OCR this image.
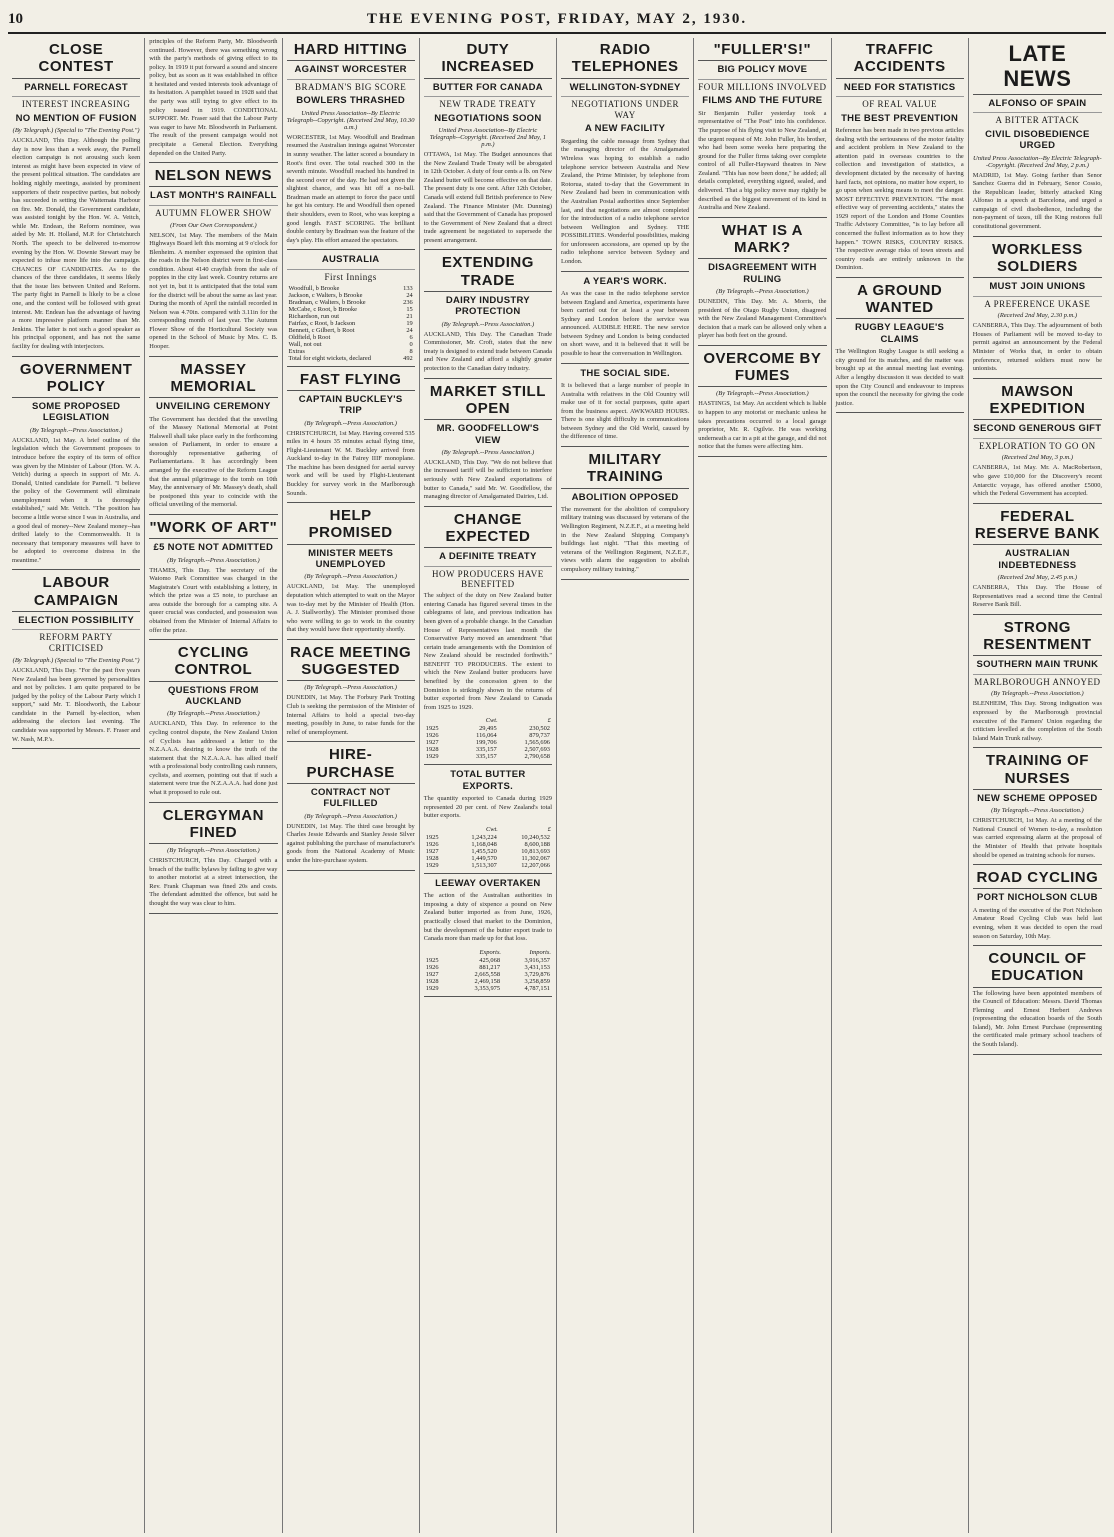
10	THE EVENING POST, FRIDAY, MAY 2, 1930.
CLOSE CONTEST
PARNELL FORECAST
INTEREST INCREASING
NO MENTION OF FUSION
(By Telegraph.) (Special to "The Evening Post.")
AUCKLAND, This Day. Although the polling day is now less than a week away, the Parnell election campaign is not arousing such keen interest as might have been expected in view of the present political situation. The candidates are holding nightly meetings, assisted by prominent supporters of their respective parties, but nobody has succeeded in setting the Waitemata Harbour on fire. Mr. Donald, the Government candidate, was assisted tonight by the Hon. W. A. Veitch, while Mr. Endean, the Reform nominee, was aided by Mr. H. Holland, M.P. for Christchurch North. The speech to be delivered to-morrow evening by the Hon. W. Downie Stewart may be expected to infuse more life into the campaign. CHANCES OF CANDIDATES. As to the chances of the three candidates, it seems likely that the issue lies between United and Reform. The party fight in Parnell is likely to be a close one, and the contest will be followed with great interest. Mr. Endean has the advantage of having a more impressive platform manner than Mr. Jenkins. The latter is not such a good speaker as his principal opponent, and has not the same facility for dealing with interjectors.
GOVERNMENT POLICY
SOME PROPOSED LEGISLATION
(By Telegraph.--Press Association.)
AUCKLAND, 1st May. A brief outline of the legislation which the Government proposes to introduce before the expiry of its term of office was given by the Minister of Labour (Hon. W. A. Veitch) during a speech in support of Mr. A. Donald, United candidate for Parnell. "I believe the policy of the Government will eliminate unemployment when it is thoroughly established," said Mr. Veitch. "The position has become a little worse since I was in Australia, and a good deal of money--New Zealand money--has drifted lately to the Commonwealth. It is necessary that temporary measures will have to be adopted to overcome distress in the meantime."
LABOUR CAMPAIGN
ELECTION POSSIBILITY
REFORM PARTY CRITICISED
(By Telegraph.) (Special to "The Evening Post.")
AUCKLAND, This Day. "For the past five years New Zealand has been governed by personalities and not by policies. I am quite prepared to be judged by the policy of the Labour Party which I support," said Mr. T. Bloodworth, the Labour candidate in the Parnell by-election, when addressing the electors last evening. The candidate was supported by Messrs. F. Fraser and W. Nash, M.P.'s.
principles of the Reform Party, Mr. Bloodworth continued. However, there was something wrong with the party's methods of giving effect to its policy. In 1919 it put forward a sound and sincere policy, but as soon as it was established in office it hesitated and vested interests took advantage of its hesitation. A pamphlet issued in 1928 said that the party was still trying to give effect to its policy issued in 1919. CONDITIONAL SUPPORT. Mr. Fraser said that the Labour Party was eager to have Mr. Bloodworth in Parliament. The result of the present campaign would not precipitate a General Election. Everything depended on the United Party.
NELSON NEWS
LAST MONTH'S RAINFALL
AUTUMN FLOWER SHOW
(From Our Own Correspondent.)
NELSON, 1st May. The members of the Main Highways Board left this morning at 9 o'clock for Blenheim. A member expressed the opinion that the roads in the Nelson district were in first-class condition. About 4140 crayfish from the sale of poppies in the city last week. Country returns are not yet in, but it is anticipated that the total sum for the district will be about the same as last year. During the month of April the rainfall recorded in Nelson was 4.70in. compared with 3.11in for the corresponding month of last year. The Autumn Flower Show of the Horticultural Society was opened in the School of Music by Mrs. C. B. Hooper.
MASSEY MEMORIAL
UNVEILING CEREMONY
The Government has decided that the unveiling of the Massey National Memorial at Point Halswell shall take place early in the forthcoming session of Parliament, in order to ensure a thoroughly representative gathering of Parliamentarians. It has accordingly been arranged by the executive of the Reform League that the annual pilgrimage to the tomb on 10th May, the anniversary of Mr. Massey's death, shall be postponed this year to coincide with the official unveiling of the memorial.
"WORK OF ART"
£5 NOTE NOT ADMITTED
(By Telegraph.--Press Association.)
THAMES, This Day. The secretary of the Waiomo Park Committee was charged in the Magistrate's Court with establishing a lottery, in which the prize was a £5 note, to purchase an area outside the borough for a camping site. A queer crucial was conducted, and possession was obtained from the Minister of Internal Affairs to offer the prize.
CYCLING CONTROL
QUESTIONS FROM AUCKLAND
(By Telegraph.--Press Association.)
AUCKLAND, This Day. In reference to the cycling control dispute, the New Zealand Union of Cyclists has addressed a letter to the N.Z.A.A.A. desiring to know the truth of the statement that the N.Z.A.A.A. has allied itself with a professional body controlling cash runners, cyclists, and axemen, pointing out that if such a statement were true the N.Z.A.A.A. had done just what it proposed to rule out.
CLERGYMAN FINED
(By Telegraph.--Press Association.)
CHRISTCHURCH, This Day. Charged with a breach of the traffic bylaws by failing to give way to another motorist at a street intersection, the Rev. Frank Chapman was fined 20s and costs. The defendant admitted the offence, but said he thought the way was clear to him.
HARD HITTING
AGAINST WORCESTER
BRADMAN'S BIG SCORE
BOWLERS THRASHED
United Press Association--By Electric Telegraph--Copyright. (Received 2nd May, 10.30 a.m.)
WORCESTER, 1st May. Woodfull and Bradman resumed the Australian innings against Worcester in sunny weather. The latter scored a boundary in Root's first over. The total reached 300 in the seventh minute. Woodfull reached his hundred in the second over of the day. He had not given the slightest chance, and was hit off a no-ball. Bradman made an attempt to force the pace until he got his century. He and Woodfull then opened their shoulders, even to Root, who was keeping a good length. FAST SCORING. The brilliant double century by Bradman was the feature of the day's play. His effort amazed the spectators.
AUSTRALIA
First Innings
Woodfull, b Brooke	133
Jackson, c Walters, b Brooke	24
Bradman, c Walters, b Brooke	236
McCabe, c Root, b Brooke	15
Richardson, run out	21
Fairfax, c Root, b Jackson	19
Bennett, c Gilbert, b Root	24
Oldfield, b Root	6
Wall, not out	0
Extras	8
Total for eight wickets, declared	492
FAST FLYING
CAPTAIN BUCKLEY'S TRIP
(By Telegraph.--Press Association.)
CHRISTCHURCH, 1st May. Having covered 535 miles in 4 hours 35 minutes actual flying time, Flight-Lieutenant W. M. Buckley arrived from Auckland to-day in the Fairey IIIF monoplane. The machine has been designed for aerial survey work and will be used by Flight-Lieutenant Buckley for survey work in the Marlborough Sounds.
HELP PROMISED
MINISTER MEETS UNEMPLOYED
(By Telegraph.--Press Association.)
AUCKLAND, 1st May. The unemployed deputation which attempted to wait on the Mayor was to-day met by the Minister of Health (Hon. A. J. Stallworthy). The Minister promised those who were willing to go to work in the country that they would have their opportunity shortly.
RACE MEETING SUGGESTED
(By Telegraph.--Press Association.)
DUNEDIN, 1st May. The Forbury Park Trotting Club is seeking the permission of the Minister of Internal Affairs to hold a special two-day meeting, possibly in June, to raise funds for the relief of unemployment.
HIRE-PURCHASE
CONTRACT NOT FULFILLED
(By Telegraph.--Press Association.)
DUNEDIN, 1st May. The third case brought by Charles Jessie Edwards and Stanley Jessie Silver against publishing the purchase of manufacturer's goods from the National Academy of Music under the hire-purchase system.
DUTY INCREASED
BUTTER FOR CANADA
NEW TRADE TREATY
NEGOTIATIONS SOON
United Press Association--By Electric Telegraph--Copyright. (Received 2nd May, 1 p.m.)
OTTAWA, 1st May. The Budget announces that the New Zealand Trade Treaty will be abrogated in 12th October. A duty of four cents a lb. on New Zealand butter will become effective on that date. The present duty is one cent. After 12th October, Canada will extend full British preference to New Zealand. The Finance Minister (Mr. Dunning) said that the Government of Canada has proposed to the Government of New Zealand that a direct trade agreement be negotiated to supersede the present arrangement.
EXTENDING TRADE
DAIRY INDUSTRY PROTECTION
(By Telegraph.--Press Association.)
AUCKLAND, This Day. The Canadian Trade Commissioner, Mr. Croft, states that the new treaty is designed to extend trade between Canada and New Zealand and afford a slightly greater protection to the Canadian dairy industry.
MARKET STILL OPEN
MR. GOODFELLOW'S VIEW
(By Telegraph.--Press Association.)
AUCKLAND, This Day. "We do not believe that the increased tariff will be sufficient to interfere seriously with New Zealand exportations of butter to Canada," said Mr. W. Goodfellow, the managing director of Amalgamated Dairies, Ltd.
CHANGE EXPECTED
A DEFINITE TREATY
HOW PRODUCERS HAVE BENEFITED
The subject of the duty on New Zealand butter entering Canada has figured several times in the cablegrams of late, and previous indication has been given of a probable change. In the Canadian House of Representatives last month the Conservative Party moved an amendment "that certain trade arrangements with the Dominion of New Zealand should be rescinded forthwith." BENEFIT TO PRODUCERS. The extent to which the New Zealand butter producers have benefited by the concession given to the Dominion is strikingly shown in the returns of butter exported from New Zealand to Canada from 1925 to 1929.
	Cwt.	£
1925	29,495	230,502
1926	116,064	879,737
1927	199,706	1,565,696
1928	335,157	2,507,693
1929	335,157	2,790,658
TOTAL BUTTER EXPORTS.
The quantity exported to Canada during 1929 represented 20 per cent. of New Zealand's total butter exports.
	Cwt.	£
1925	1,243,224	10,240,532
1926	1,168,048	8,600,188
1927	1,455,520	10,813,693
1928	1,449,570	11,302,067
1929	1,513,307	12,207,066
LEEWAY OVERTAKEN
The action of the Australian authorities in imposing a duty of sixpence a pound on New Zealand butter imported as from June, 1926, practically closed that market to the Dominion, but the development of the butter export trade to Canada more than made up for that loss.
	Exports.	Imports.
1925	425,068	3,916,357
1926	881,217	3,431,153
1927	2,665,558	3,729,876
1928	2,469,158	3,258,859
1929	3,353,975	4,787,151
RADIO TELEPHONES
WELLINGTON-SYDNEY
NEGOTIATIONS UNDER WAY
A NEW FACILITY
Regarding the cable message from Sydney that the managing director of the Amalgamated Wireless was hoping to establish a radio telephone service between Australia and New Zealand, the Prime Minister, by telephone from Rotorua, stated to-day that the Government in New Zealand had been in communication with the Australian Postal authorities since September last, and that negotiations are almost completed for the introduction of a radio telephone service between Wellington and Sydney. THE POSSIBILITIES. Wonderful possibilities, making for unforeseen accessions, are opened up by the radio telephone service between Sydney and London.
A YEAR'S WORK.
As was the case in the radio telephone service between England and America, experiments have been carried out for at least a year between Sydney and London before the service was announced. AUDIBLE HERE. The new service between Sydney and London is being conducted on short wave, and it is believed that it will be possible to hear the conversation in Wellington.
THE SOCIAL SIDE.
It is believed that a large number of people in Australia with relatives in the Old Country will make use of it for social purposes, quite apart from the business aspect. AWKWARD HOURS. There is one slight difficulty in communications between Sydney and the Old World, caused by the difference of time.
MILITARY TRAINING
ABOLITION OPPOSED
The movement for the abolition of compulsory military training was discussed by veterans of the Wellington Regiment, N.Z.E.F., at a meeting held in the New Zealand Shipping Company's buildings last night. "That this meeting of veterans of the Wellington Regiment, N.Z.E.F., views with alarm the suggestion to abolish compulsory military training."
"FULLER'S!"
BIG POLICY MOVE
FOUR MILLIONS INVOLVED
FILMS AND THE FUTURE
Sir Benjamin Fuller yesterday took a representative of "The Post" into his confidence. The purpose of his flying visit to New Zealand, at the urgent request of Mr. John Fuller, his brother, who had been some weeks here preparing the ground for the Fuller firms taking over complete control of all Fuller-Hayward theatres in New Zealand. "This has now been done," he added; all details completed, everything signed, sealed, and delivered. That a big policy move may rightly be described as the biggest movement of its kind in Australia and New Zealand.
WHAT IS A MARK?
DISAGREEMENT WITH RULING
(By Telegraph.--Press Association.)
DUNEDIN, This Day. Mr. A. Morris, the president of the Otago Rugby Union, disagreed with the New Zealand Management Committee's decision that a mark can be allowed only when a player has both feet on the ground.
OVERCOME BY FUMES
(By Telegraph.--Press Association.)
HASTINGS, 1st May. An accident which is liable to happen to any motorist or mechanic unless he takes precautions occurred to a local garage proprietor, Mr. R. Ogilvie. He was working underneath a car in a pit at the garage, and did not notice that the fumes were affecting him.
TRAFFIC ACCIDENTS
NEED FOR STATISTICS
OF REAL VALUE
THE BEST PREVENTION
Reference has been made in two previous articles dealing with the seriousness of the motor fatality and accident problem in New Zealand to the attention paid in overseas countries to the collection and investigation of statistics, a development dictated by the necessity of having hard facts, not opinions, no matter how expert, to go upon when seeking means to meet the danger. MOST EFFECTIVE PREVENTION. "The most effective way of preventing accidents," states the 1929 report of the London and Home Counties Traffic Advisory Committee, "is to lay before all concerned the fullest information as to how they happen." TOWN RISKS, COUNTRY RISKS. The respective average risks of town streets and country roads are entirely unknown in the Dominion.
A GROUND WANTED
RUGBY LEAGUE'S CLAIMS
The Wellington Rugby League is still seeking a city ground for its matches, and the matter was brought up at the annual meeting last evening. After a lengthy discussion it was decided to wait upon the City Council and endeavour to impress upon the council the necessity for giving the code justice.
LATE NEWS
ALFONSO OF SPAIN
A BITTER ATTACK
CIVIL DISOBEDIENCE URGED
United Press Association--By Electric Telegraph--Copyright. (Received 2nd May, 2 p.m.)
MADRID, 1st May. Going farther than Senor Sanchez Guerra did in February, Senor Cossio, the Republican leader, bitterly attacked King Alfonso in a speech at Barcelona, and urged a campaign of civil disobedience, including the non-payment of taxes, till the King restores full constitutional government.
WORKLESS SOLDIERS
MUST JOIN UNIONS
A PREFERENCE UKASE
(Received 2nd May, 2.30 p.m.)
CANBERRA, This Day. The adjournment of both Houses of Parliament will be moved to-day to permit against an announcement by the Federal Minister of Works that, in order to obtain preference, returned soldiers must now be unionists.
MAWSON EXPEDITION
SECOND GENEROUS GIFT
EXPLORATION TO GO ON
(Received 2nd May, 3 p.m.)
CANBERRA, 1st May. Mr. A. MacRobertson, who gave £10,000 for the Discovery's recent Antarctic voyage, has offered another £5000, which the Federal Government has accepted.
FEDERAL RESERVE BANK
AUSTRALIAN INDEBTEDNESS
(Received 2nd May, 2.45 p.m.)
CANBERRA, This Day. The House of Representatives read a second time the Central Reserve Bank Bill.
STRONG RESENTMENT
SOUTHERN MAIN TRUNK
MARLBOROUGH ANNOYED
(By Telegraph.--Press Association.)
BLENHEIM, This Day. Strong indignation was expressed by the Marlborough provincial executive of the Farmers' Union regarding the criticism levelled at the completion of the South Island Main Trunk railway.
TRAINING OF NURSES
NEW SCHEME OPPOSED
(By Telegraph.--Press Association.)
CHRISTCHURCH, 1st May. At a meeting of the National Council of Women to-day, a resolution was carried expressing alarm at the proposal of the Minister of Health that private hospitals should be opened as training schools for nurses.
ROAD CYCLING
PORT NICHOLSON CLUB
A meeting of the executive of the Port Nicholson Amateur Road Cycling Club was held last evening, when it was decided to open the road season on Saturday, 10th May.
COUNCIL OF EDUCATION
The following have been appointed members of the Council of Education: Messrs. David Thomas Fleming and Ernest Herbert Andrews (representing the education boards of the South Island), Mr. John Ernest Purchase (representing the certificated male primary school teachers of the South Island).
